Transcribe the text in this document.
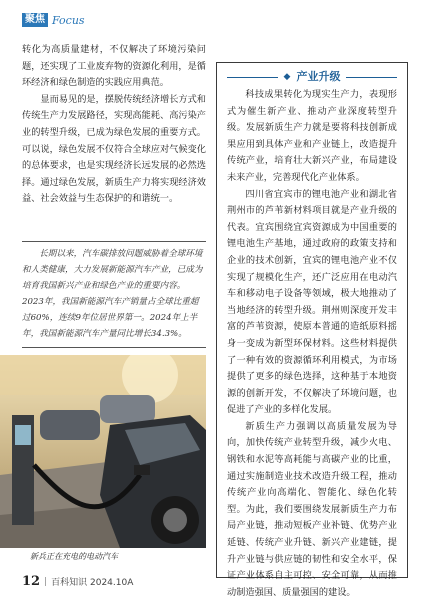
聚焦 Focus

转化为高质量建材，不仅解决了环境污染问题，还实现了工业废弃物的资源化利用，是循环经济和绿色制造的实践应用典范。

显而易见的是，摆脱传统经济增长方式和传统生产力发展路径，实现高能耗、高污染产业的转型升级，已成为绿色发展的重要方式。可以说，绿色发展不仅符合全球应对气候变化的总体要求，也是实现经济长远发展的必然选择。通过绿色发展，新质生产力将实现经济效益、社会效益与生态保护的和谐统一。

长期以来，汽车碳排放问题威胁着全球环境和人类健康，大力发展新能源汽车产业，已成为培育我国新兴产业和绿色产业的重要内容。2023年，我国新能源汽车产销量占全球比重超过60%，连续9年位居世界第一。2024年上半年，我国新能源汽车产量同比增长34.3%。

新兵正在充电的电动汽车
12 | 百科知识 2024.10A
◆ 产业升级

科技成果转化为现实生产力，表现形式为催生新产业、推动产业深度转型升级。发展新质生产力就是要将科技创新成果应用到具体产业和产业链上，改造提升传统产业，培育壮大新兴产业，布局建设未来产业，完善现代化产业体系。

四川省宜宾市的锂电池产业和湖北省荆州市的芦苇新材料项目就是产业升级的代表。宜宾围绕宜宾资源成为中国重要的锂电池生产基地，通过政府的政策支持和企业的技术创新，宜宾的锂电池产业不仅实现了规模化生产，还广泛应用在电动汽车和移动电子设备等领域，极大地推动了当地经济的转型升级。荆州则深度开发丰富的芦苇资源，使原本普通的造纸原料摇身一变成为新型环保材料。这些材料提供了一种有效的资源循环利用模式，为市场提供了更多的绿色选择，这种基于本地资源的创新开发，不仅解决了环境问题，也促进了产业的多样化发展。

新质生产力强调以高质量发展为导向，加快传统产业转型升级，减少火电、钢铁和水泥等高耗能与高碳产业的比重，通过实施制造业技术改造升级工程，推动传统产业向高端化、智能化、绿色化转型。为此，我们要围绕发展新质生产力布局产业链，推动短板产业补链、优势产业延链、传统产业升链、新兴产业建链，提升产业链与供应链的韧性和安全水平，保证产业体系自主可控、安全可靠，从而推动制造强国、质量强国的建设。
